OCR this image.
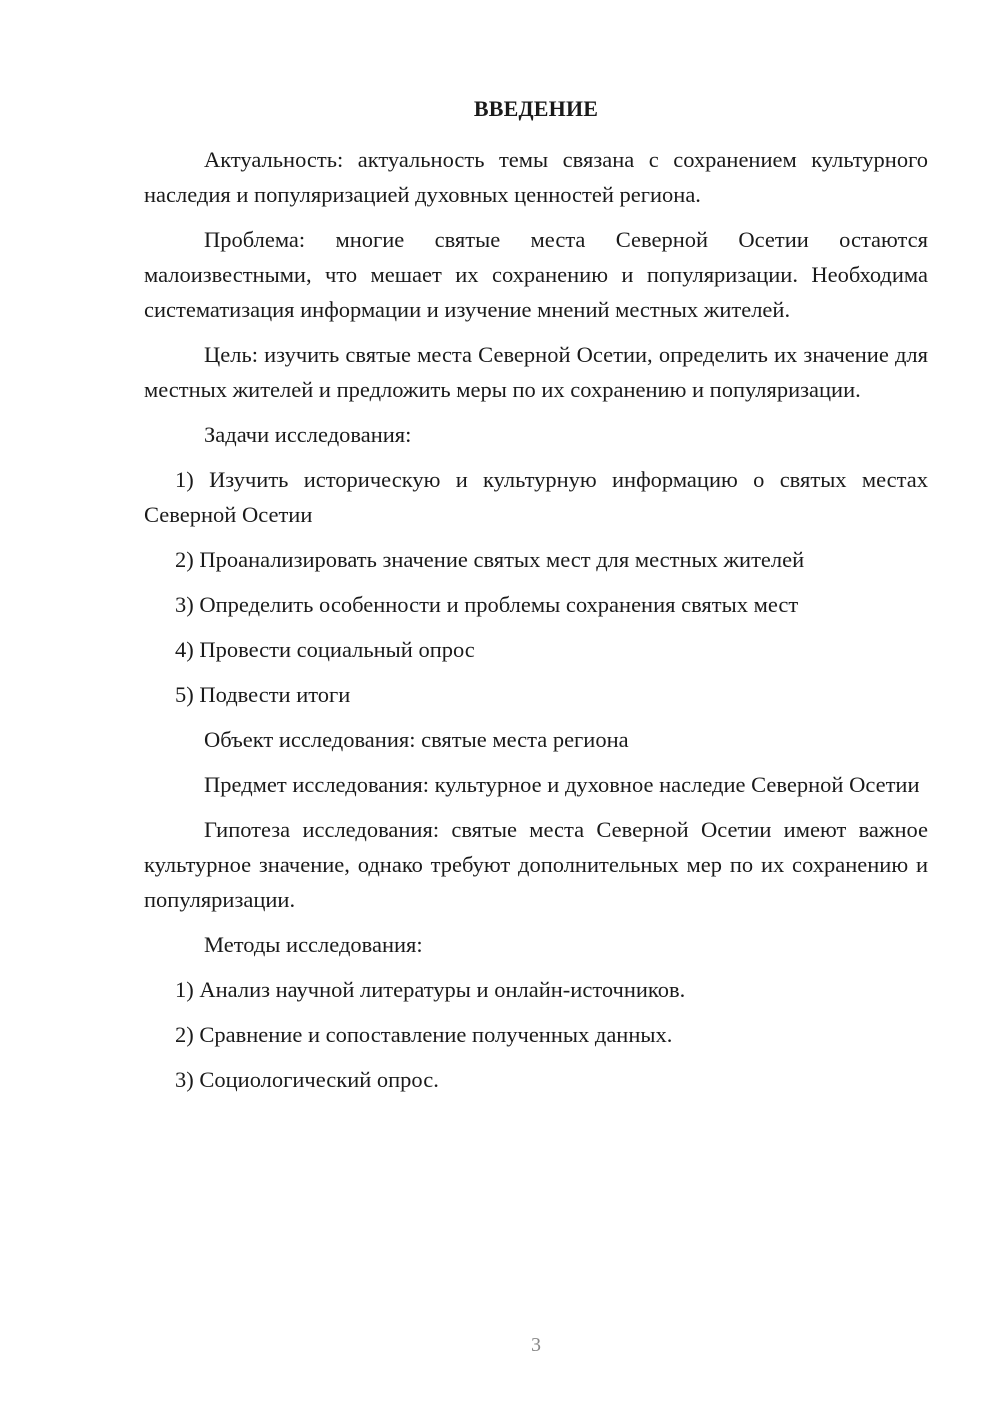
ВВЕДЕНИЕ

Актуальность: актуальность темы связана с сохранением культурного наследия и популяризацией духовных ценностей региона.

Проблема: многие святые места Северной Осетии остаются малоизвестными, что мешает их сохранению и популяризации. Необходима систематизация информации и изучение мнений местных жителей.

Цель: изучить святые места Северной Осетии, определить их значение для местных жителей и предложить меры по их сохранению и популяризации.

Задачи исследования:

1) Изучить историческую и культурную информацию о святых местах Северной Осетии

2) Проанализировать значение святых мест для местных жителей

3) Определить особенности и проблемы сохранения святых мест

4) Провести социальный опрос

5) Подвести итоги

Объект исследования: святые места региона

Предмет исследования: культурное и духовное наследие Северной Осетии

Гипотеза исследования: святые места Северной Осетии имеют важное культурное значение, однако требуют дополнительных мер по их сохранению и популяризации.

Методы исследования:

1) Анализ научной литературы и онлайн-источников.

2) Сравнение и сопоставление полученных данных.

3) Социологический опрос.

3
